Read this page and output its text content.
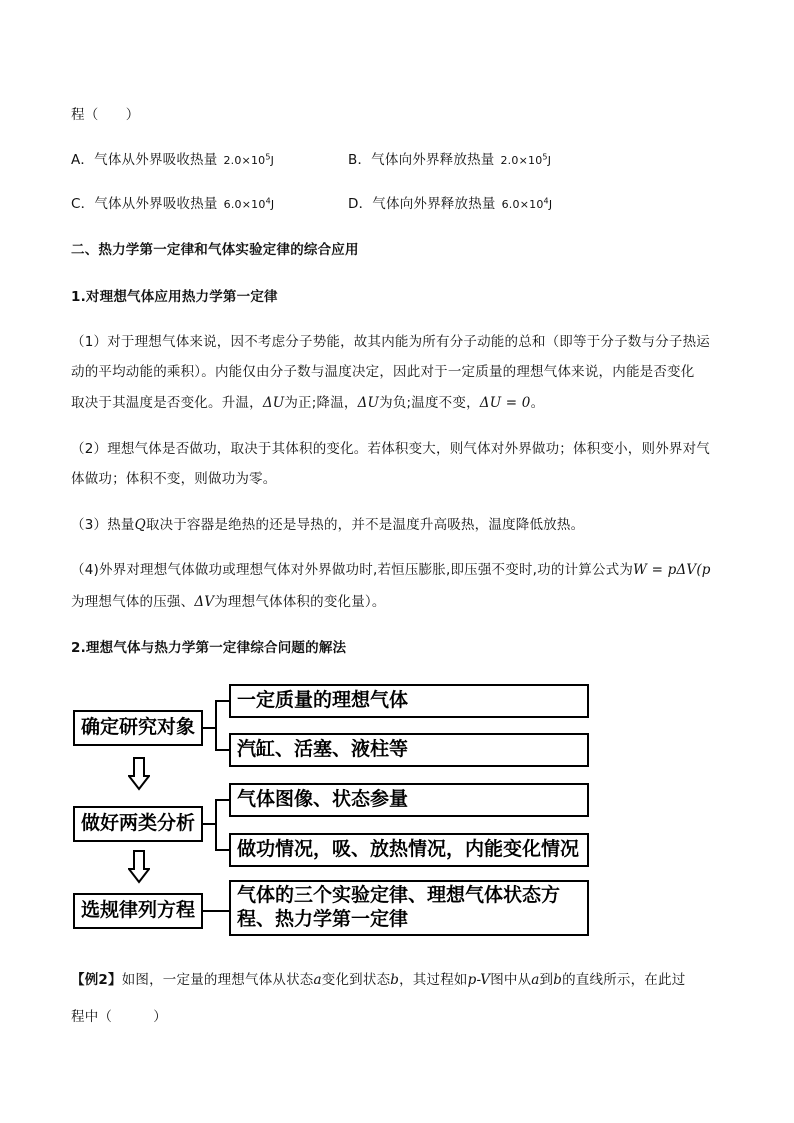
程（　　）
A．气体从外界吸收热量 $2.0\times 10^5J$	B．气体向外界释放热量 $2.0\times 10^5J$
C．气体从外界吸收热量 $6.0\times 10^4J$	D．气体向外界释放热量 $6.0\times 10^4J$
二、热力学第一定律和气体实验定律的综合应用
1.对理想气体应用热力学第一定律
（1）对于理想气体来说，因不考虑分子势能，故其内能为所有分子动能的总和（即等于分子数与分子热运
动的平均动能的乘积）。内能仅由分子数与温度决定，因此对于一定质量的理想气体来说，内能是否变化
取决于其温度是否变化。升温，ΔU为正;降温，ΔU为负;温度不变，ΔU = 0。
（2）理想气体是否做功，取决于其体积的变化。若体积变大，则气体对外界做功；体积变小，则外界对气
体做功；体积不变，则做功为零。
（3）热量Q取决于容器是绝热的还是导热的，并不是温度升高吸热，温度降低放热。
（4)外界对理想气体做功或理想气体对外界做功时,若恒压膨胀,即压强不变时,功的计算公式为W = pΔV(p
为理想气体的压强、ΔV为理想气体体积的变化量）。
2.理想气体与热力学第一定律综合问题的解法
确定研究对象
做好两类分析
选规律列方程
一定质量的理想气体
汽缸、活塞、液柱等
气体图像、状态参量
做功情况，吸、放热情况，内能变化情况
气体的三个实验定律、理想气体状态方
程、热力学第一定律
【例2】如图，一定量的理想气体从状态a变化到状态b，其过程如p-V图中从a到b的直线所示，在此过
程中（　　　）
